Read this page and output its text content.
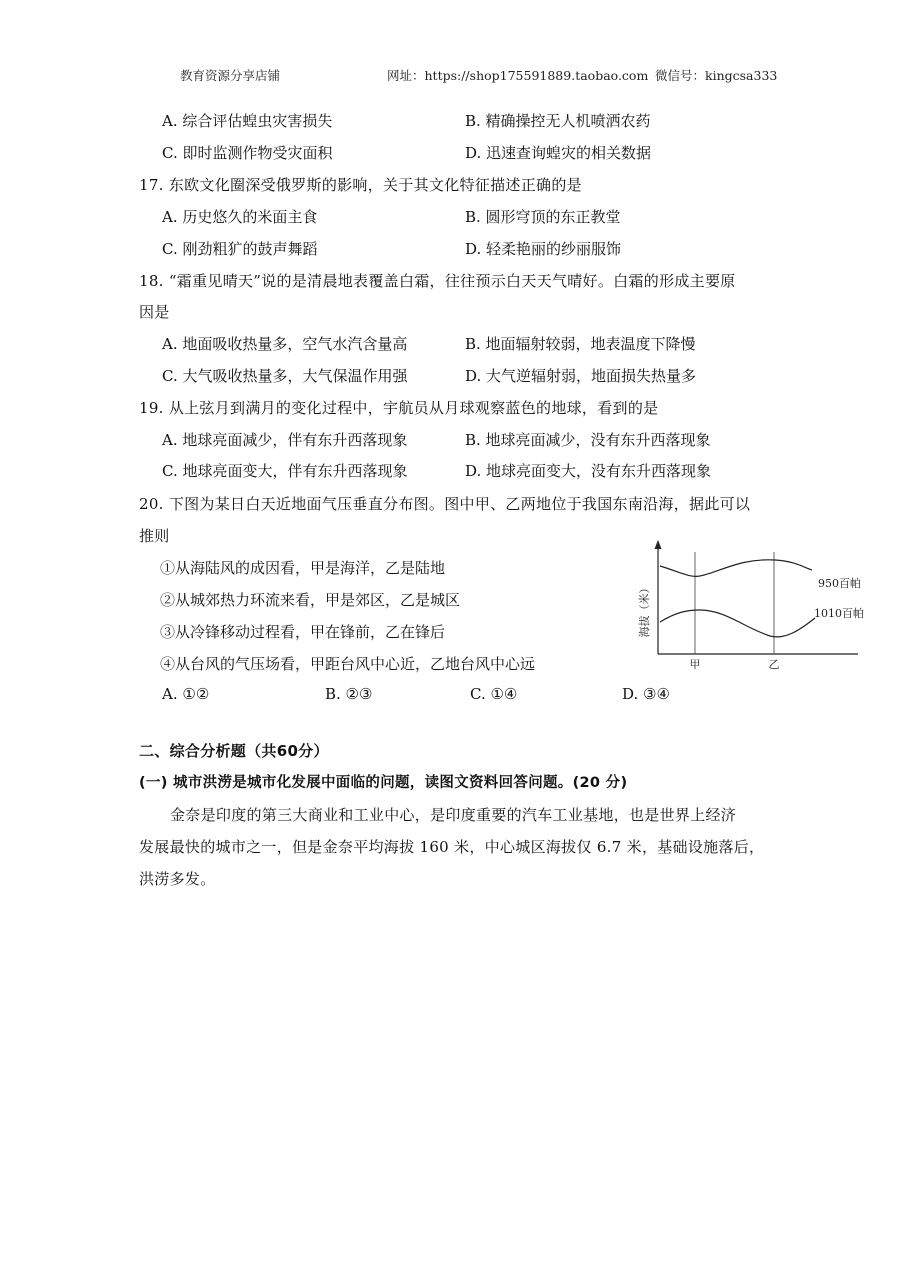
教育资源分享店铺	网址：https://shop175591889.taobao.com 微信号：kingcsa333
A. 综合评估蝗虫灾害损失	B. 精确操控无人机喷洒农药
C. 即时监测作物受灾面积	D. 迅速查询蝗灾的相关数据
17. 东欧文化圈深受俄罗斯的影响，关于其文化特征描述正确的是
A. 历史悠久的米面主食	B. 圆形穹顶的东正教堂
C. 刚劲粗犷的鼓声舞蹈	D. 轻柔艳丽的纱丽服饰
18. “霜重见晴天”说的是清晨地表覆盖白霜，往往预示白天天气晴好。白霜的形成主要原
因是
A. 地面吸收热量多，空气水汽含量高	B. 地面辐射较弱，地表温度下降慢
C. 大气吸收热量多，大气保温作用强	D. 大气逆辐射弱，地面损失热量多
19. 从上弦月到满月的变化过程中，宇航员从月球观察蓝色的地球，看到的是
A. 地球亮面减少，伴有东升西落现象	B. 地球亮面减少，没有东升西落现象
C. 地球亮面变大，伴有东升西落现象	D. 地球亮面变大，没有东升西落现象
20. 下图为某日白天近地面气压垂直分布图。图中甲、乙两地位于我国东南沿海，据此可以
推则
①从海陆风的成因看，甲是海洋，乙是陆地
②从城郊热力环流来看，甲是郊区，乙是城区
③从冷锋移动过程看，甲在锋前，乙在锋后
④从台风的气压场看，甲距台风中心近，乙地台风中心远
A. ①②	B. ②③	C. ①④	D. ③④
海拔（米）	950百帕
1010百帕
甲	乙
二、综合分析题（共60分）
(一) 城市洪涝是城市化发展中面临的问题，读图文资料回答问题。(20 分)
金奈是印度的第三大商业和工业中心，是印度重要的汽车工业基地，也是世界上经济
发展最快的城市之一，但是金奈平均海拔 160 米，中心城区海拔仅 6.7 米，基础设施落后，
洪涝多发。
